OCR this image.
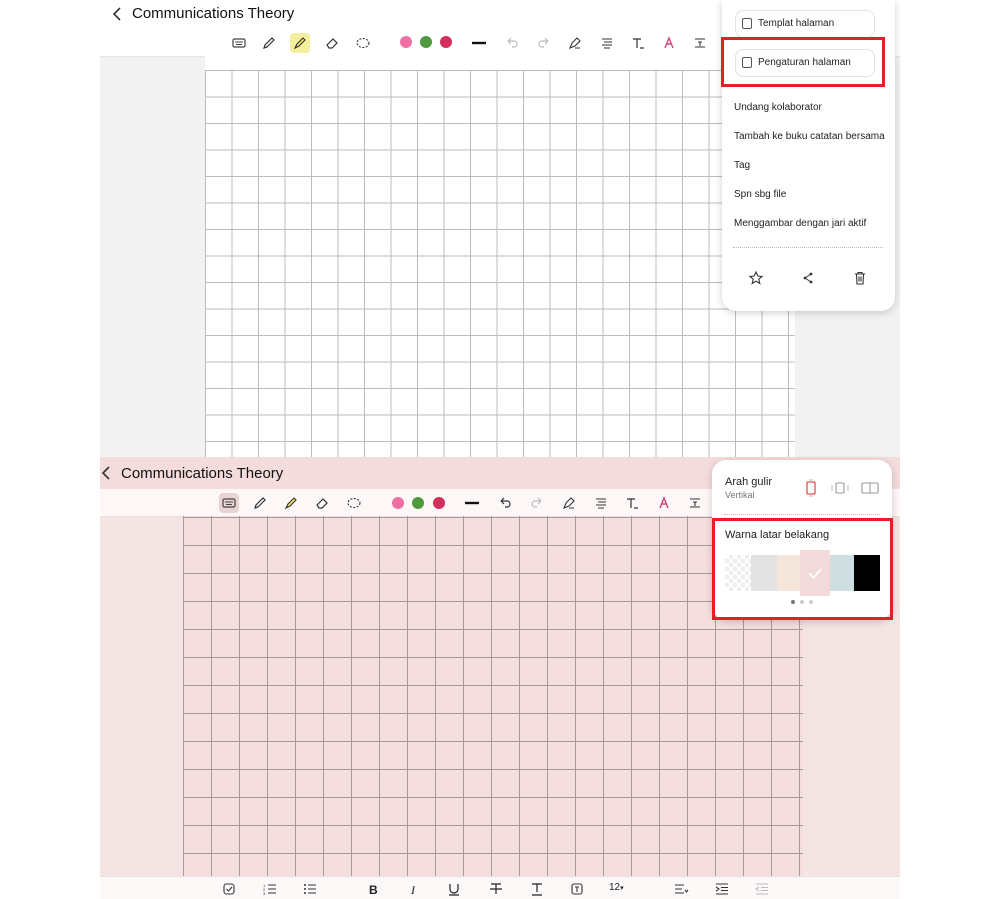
Communications Theory
Templat halaman
Pengaturan halaman
Undang kolaborator
Tambah ke buku catatan bersama
Tag
Spn sbg file
Menggambar dengan jari aktif
Communications Theory
1
2
3	B	I	12▾
Arah gulir
Vertikal
Warna latar belakang
